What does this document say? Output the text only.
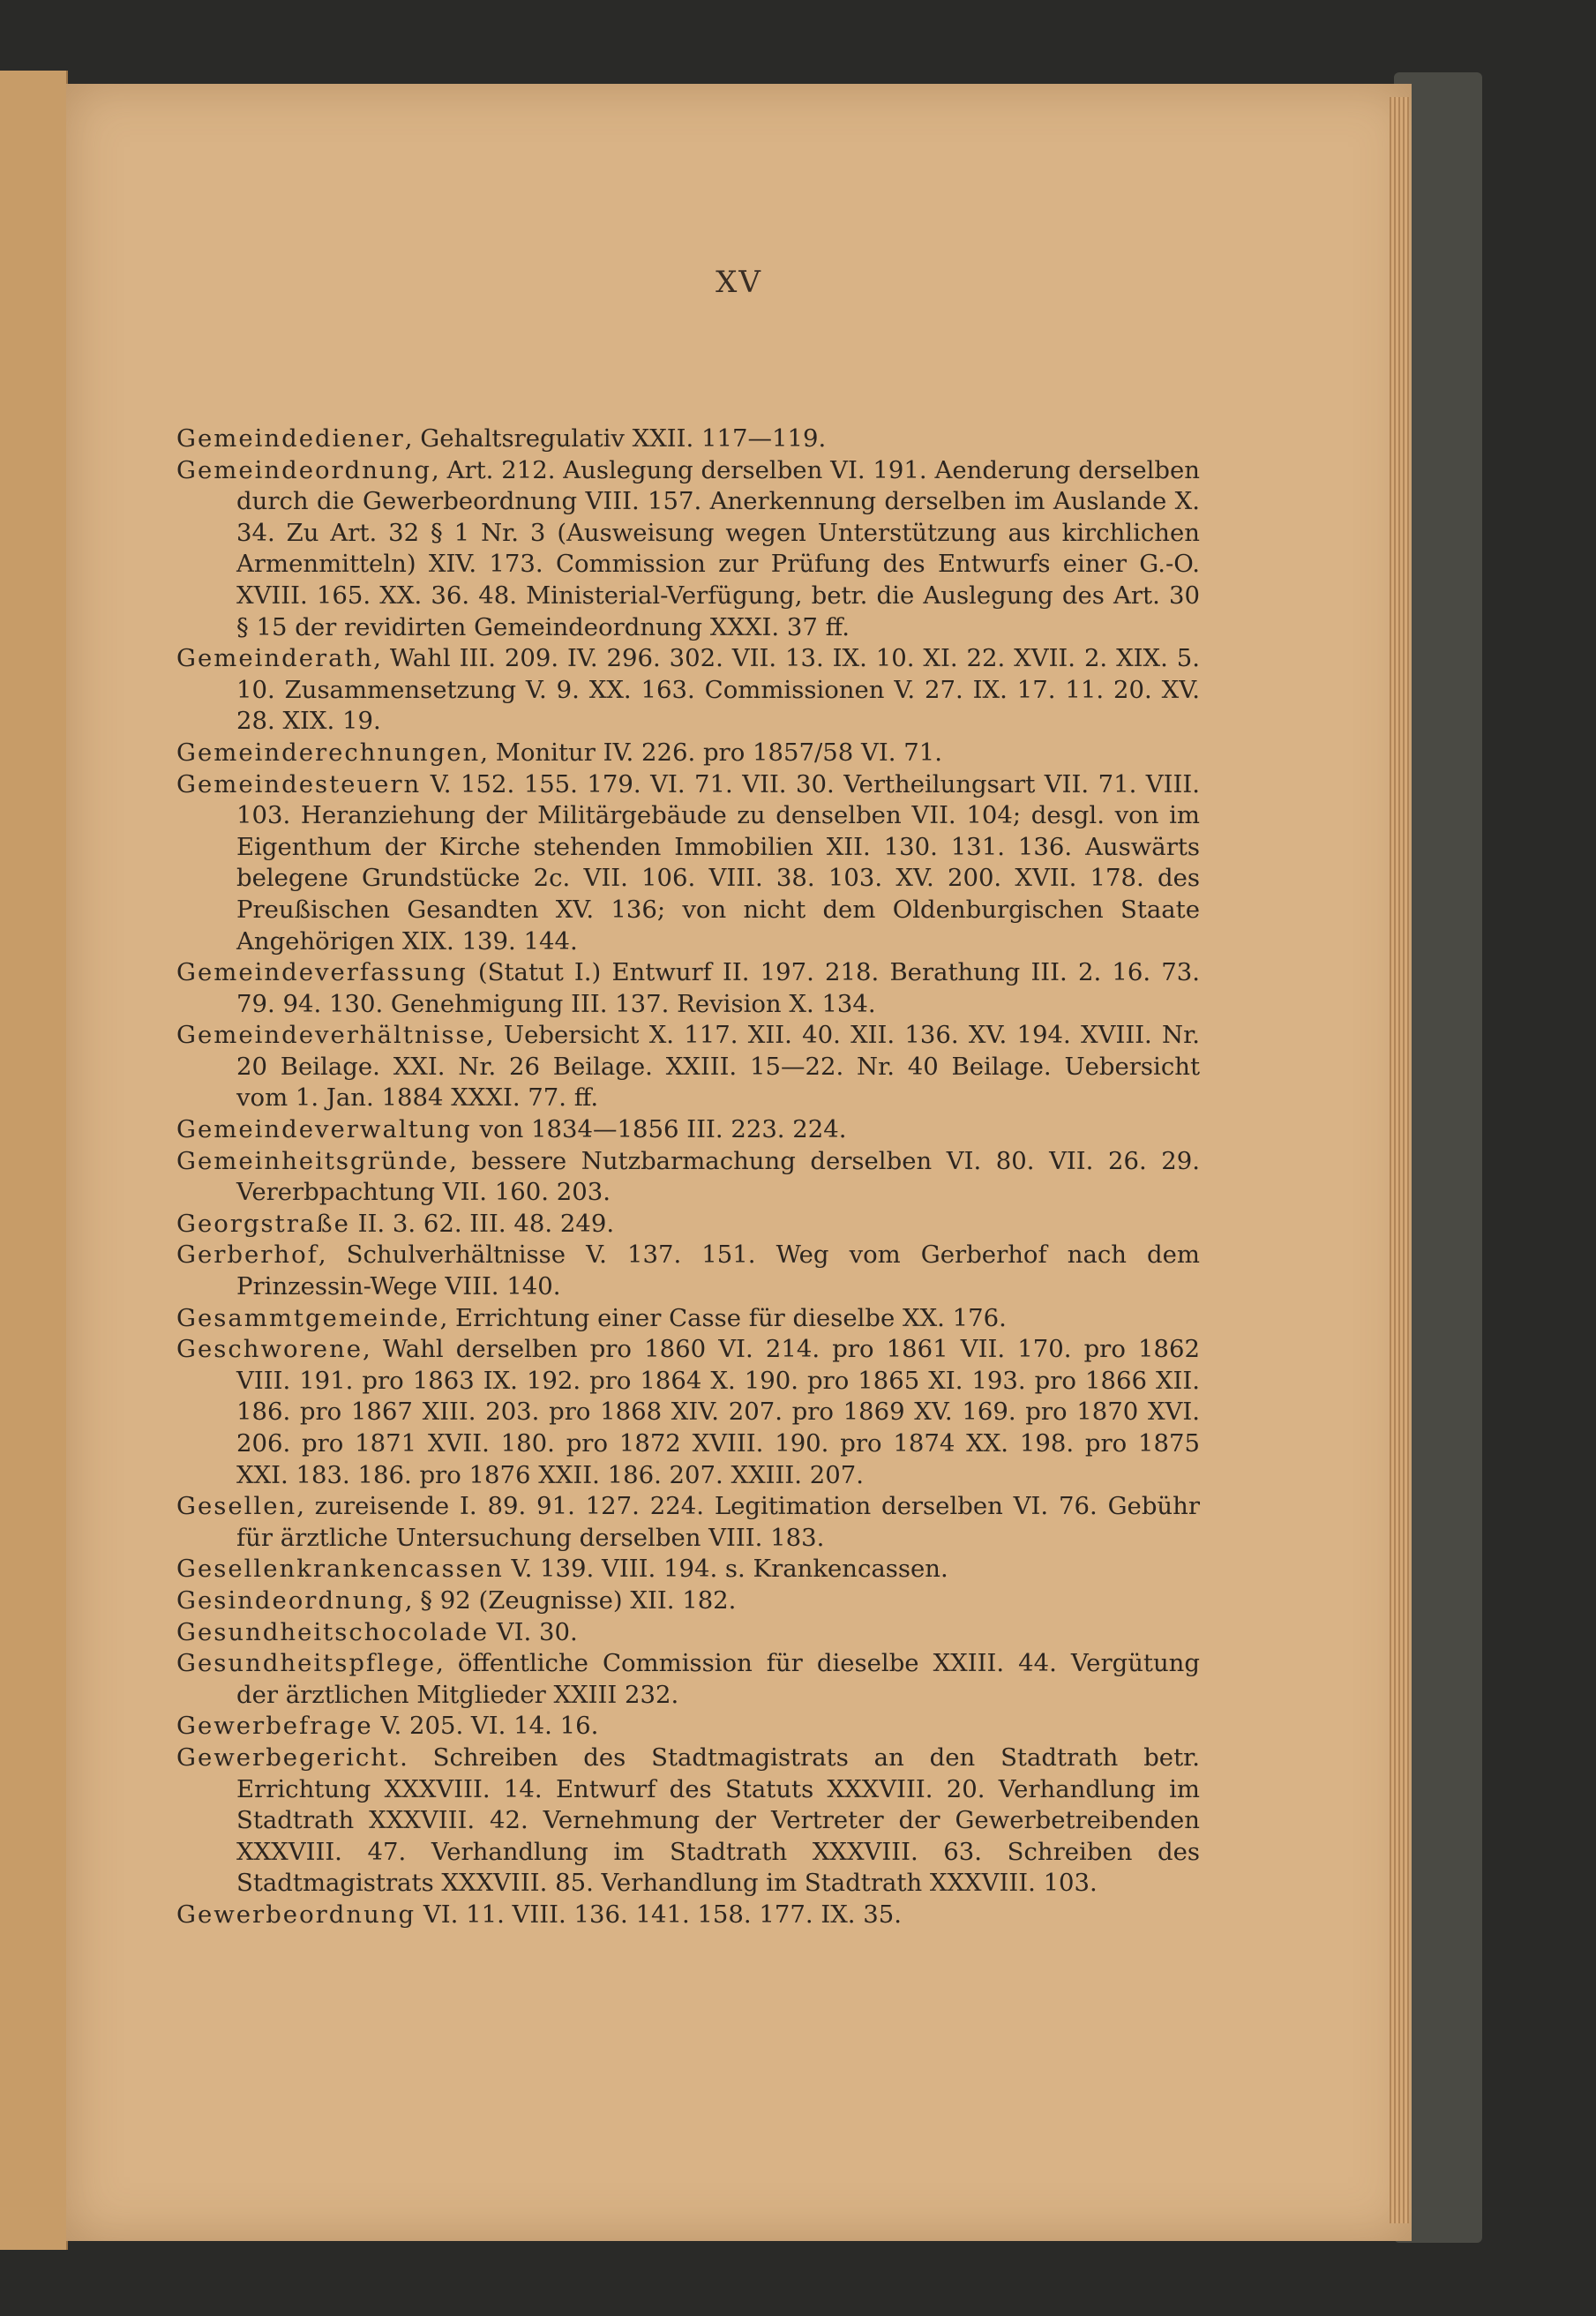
XV

Gemeindediener, Gehaltsregulativ XXII. 117—119.

Gemeindeordnung, Art. 212. Auslegung derselben VI. 191. Aenderung derselben durch die Gewerbeordnung VIII. 157. Anerkennung derselben im Auslande X. 34. Zu Art. 32 § 1 Nr. 3 (Ausweisung wegen Unterstützung aus kirchlichen Armenmitteln) XIV. 173. Commission zur Prüfung des Entwurfs einer G.-O. XVIII. 165. XX. 36. 48. Ministerial-Verfügung, betr. die Auslegung des Art. 30 § 15 der revidirten Gemeindeordnung XXXI. 37 ff.

Gemeinderath, Wahl III. 209. IV. 296. 302. VII. 13. IX. 10. XI. 22. XVII. 2. XIX. 5. 10. Zusammensetzung V. 9. XX. 163. Commissionen V. 27. IX. 17. 11. 20. XV. 28. XIX. 19.

Gemeinderechnungen, Monitur IV. 226. pro 1857/58 VI. 71.

Gemeindesteuern V. 152. 155. 179. VI. 71. VII. 30. Vertheilungsart VII. 71. VIII. 103. Heranziehung der Militärgebäude zu denselben VII. 104; desgl. von im Eigenthum der Kirche stehenden Immobilien XII. 130. 131. 136. Auswärts belegene Grundstücke 2c. VII. 106. VIII. 38. 103. XV. 200. XVII. 178. des Preußischen Gesandten XV. 136; von nicht dem Oldenburgischen Staate Angehörigen XIX. 139. 144.

Gemeindeverfassung (Statut I.) Entwurf II. 197. 218. Berathung III. 2. 16. 73. 79. 94. 130. Genehmigung III. 137. Revision X. 134.

Gemeindeverhältnisse, Uebersicht X. 117. XII. 40. XII. 136. XV. 194. XVIII. Nr. 20 Beilage. XXI. Nr. 26 Beilage. XXIII. 15—22. Nr. 40 Beilage. Uebersicht vom 1. Jan. 1884 XXXI. 77. ff.

Gemeindeverwaltung von 1834—1856 III. 223. 224.

Gemeinheitsgründe, bessere Nutzbarmachung derselben VI. 80. VII. 26. 29. Vererbpachtung VII. 160. 203.

Georgstraße II. 3. 62. III. 48. 249.

Gerberhof, Schulverhältnisse V. 137. 151. Weg vom Gerberhof nach dem Prinzessin-Wege VIII. 140.

Gesammtgemeinde, Errichtung einer Casse für dieselbe XX. 176.

Geschworene, Wahl derselben pro 1860 VI. 214. pro 1861 VII. 170. pro 1862 VIII. 191. pro 1863 IX. 192. pro 1864 X. 190. pro 1865 XI. 193. pro 1866 XII. 186. pro 1867 XIII. 203. pro 1868 XIV. 207. pro 1869 XV. 169. pro 1870 XVI. 206. pro 1871 XVII. 180. pro 1872 XVIII. 190. pro 1874 XX. 198. pro 1875 XXI. 183. 186. pro 1876 XXII. 186. 207. XXIII. 207.

Gesellen, zureisende I. 89. 91. 127. 224. Legitimation derselben VI. 76. Gebühr für ärztliche Untersuchung derselben VIII. 183.

Gesellenkrankencassen V. 139. VIII. 194. s. Krankencassen.

Gesindeordnung, § 92 (Zeugnisse) XII. 182.

Gesundheitschocolade VI. 30.

Gesundheitspflege, öffentliche Commission für dieselbe XXIII. 44. Vergütung der ärztlichen Mitglieder XXIII 232.

Gewerbefrage V. 205. VI. 14. 16.

Gewerbegericht. Schreiben des Stadtmagistrats an den Stadtrath betr. Errichtung XXXVIII. 14. Entwurf des Statuts XXXVIII. 20. Verhandlung im Stadtrath XXXVIII. 42. Vernehmung der Vertreter der Gewerbetreibenden XXXVIII. 47. Verhandlung im Stadtrath XXXVIII. 63. Schreiben des Stadtmagistrats XXXVIII. 85. Verhandlung im Stadtrath XXXVIII. 103.

Gewerbeordnung VI. 11. VIII. 136. 141. 158. 177. IX. 35.
